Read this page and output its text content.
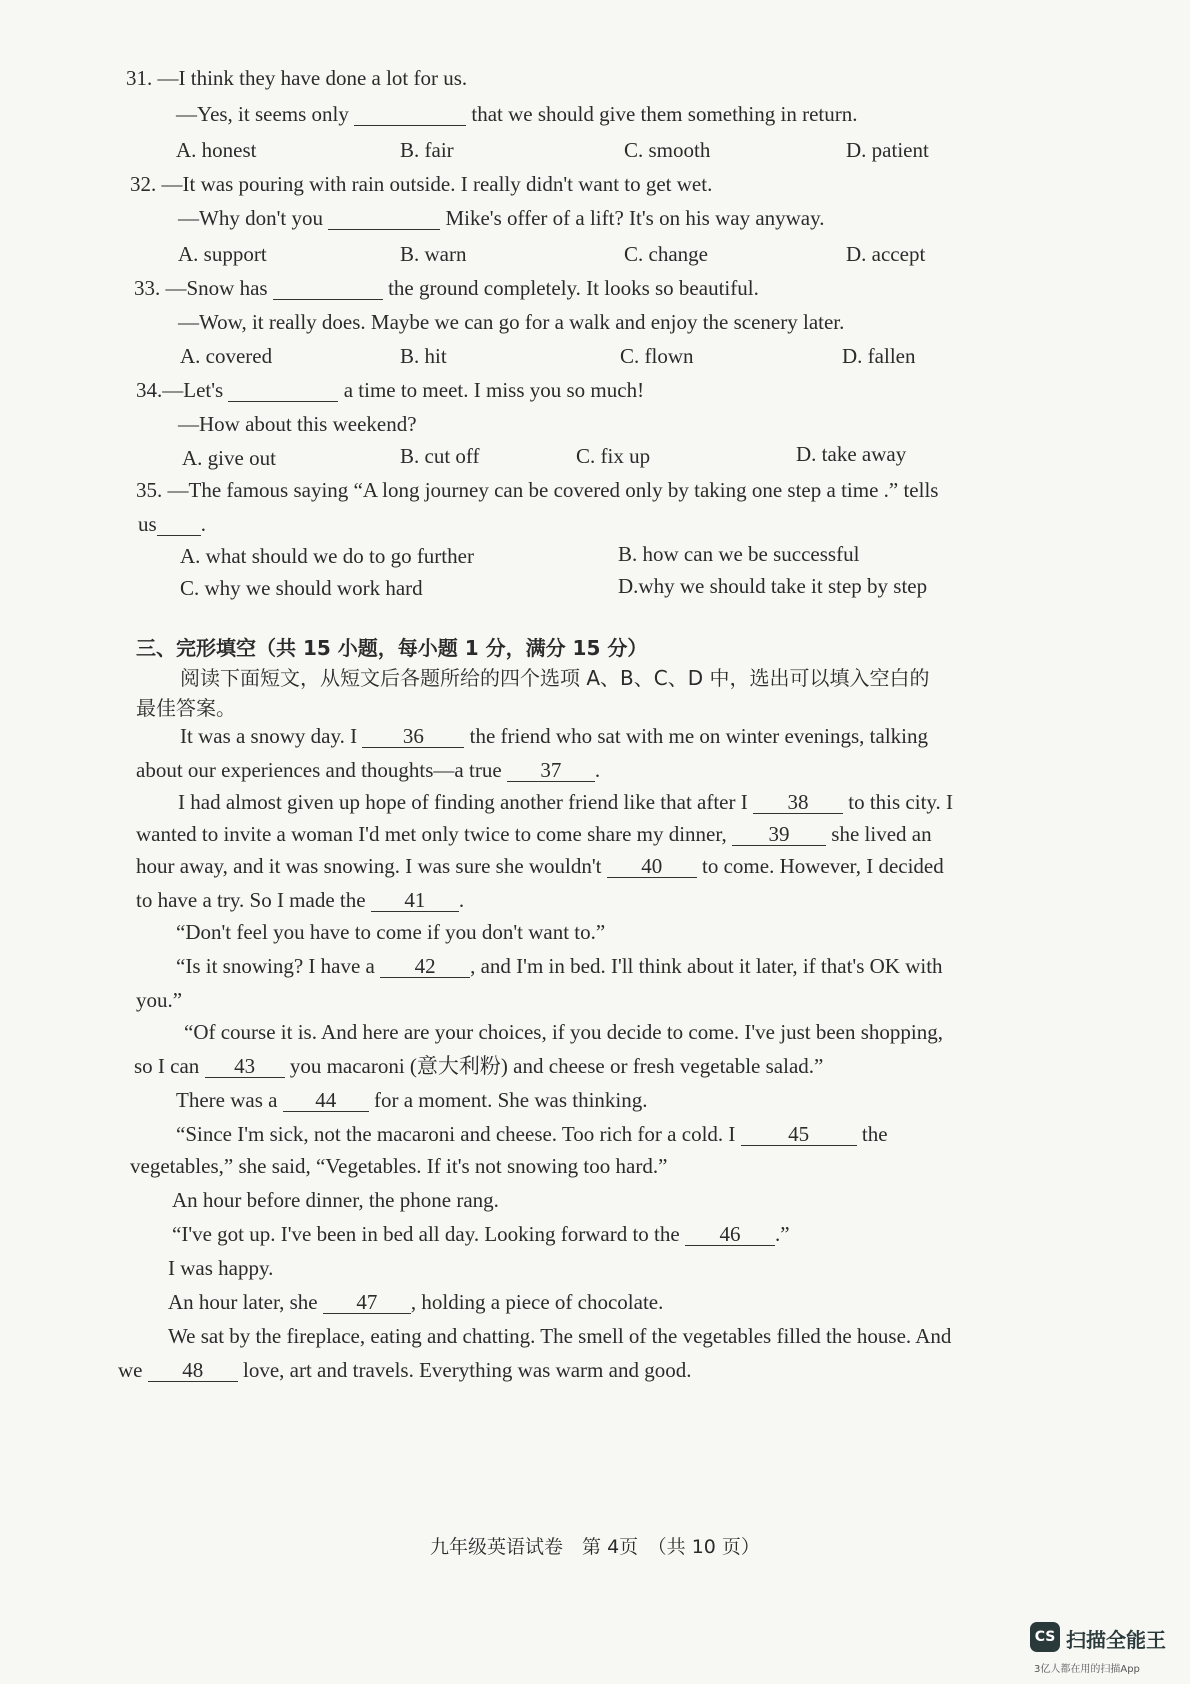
31. —I think they have done a lot for us.
—Yes, it seems only	that we should give them something in return.
A. honest	B. fair	C. smooth	D. patient
32. —It was pouring with rain outside. I really didn't want to get wet.
—Why don't you	Mike's offer of a lift? It's on his way anyway.
A. support	B. warn	C. change	D. accept
33. —Snow has	the ground completely. It looks so beautiful.
—Wow, it really does. Maybe we can go for a walk and enjoy the scenery later.
A. covered	B. hit	C. flown	D. fallen
34.—Let's	a time to meet. I miss you so much!
—How about this weekend?
A. give out	B. cut off	C. fix up	D. take away
35. —The famous saying “A long journey can be covered only by taking one step a time .” tells
us .
A. what should we do to go further	B. how can we be successful
C. why we should work hard	D.why we should take it step by step
三、完形填空（共 15 小题，每小题 1 分，满分 15 分）
阅读下面短文，从短文后各题所给的四个选项 A、B、C、D 中，选出可以填入空白的
最佳答案。
It was a snowy day. I 36 the friend who sat with me on winter evenings, talking
about our experiences and thoughts—a true 37 .
I had almost given up hope of finding another friend like that after I 38 to this city. I
wanted to invite a woman I'd met only twice to come share my dinner, 39 she lived an
hour away, and it was snowing. I was sure she wouldn't 40 to come. However, I decided
to have a try. So I made the 41 .
“Don't feel you have to come if you don't want to.”
“Is it snowing? I have a 42 , and I'm in bed. I'll think about it later, if that's OK with
you.”
“Of course it is. And here are your choices, if you decide to come. I've just been shopping,
so I can 43 you macaroni (意大利粉) and cheese or fresh vegetable salad.”
There was a 44 for a moment. She was thinking.
“Since I'm sick, not the macaroni and cheese. Too rich for a cold. I	45	the
vegetables,” she said, “Vegetables. If it's not snowing too hard.”
An hour before dinner, the phone rang.
“I've got up. I've been in bed all day. Looking forward to the 46 .”
I was happy.
An hour later, she 47 , holding a piece of chocolate.
We sat by the fireplace, eating and chatting. The smell of the vegetables filled the house. And
we 48 love, art and travels. Everything was warm and good.
九年级英语试卷　第 4页　（共 10 页）
CS 扫描全能王
3亿人都在用的扫描App
